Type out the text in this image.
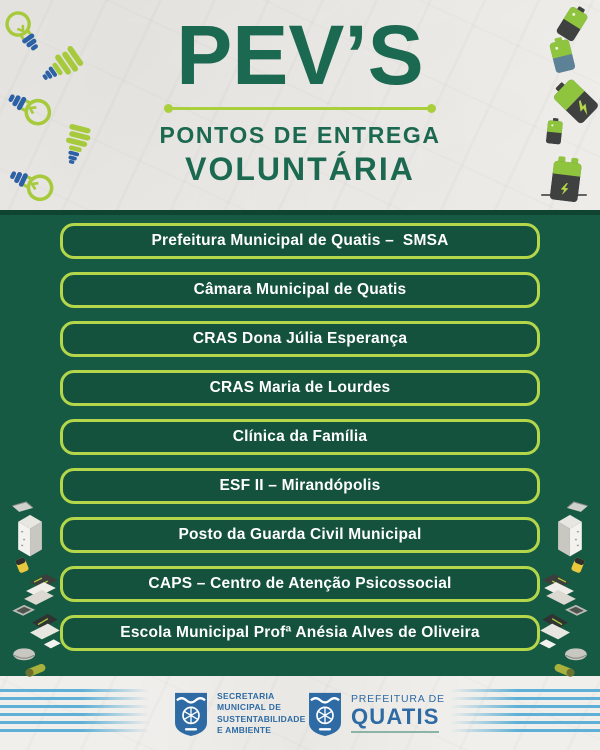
PEV’S
PONTOS DE ENTREGA
VOLUNTÁRIA
Prefeitura Municipal de Quatis –  SMSA
Câmara Municipal de Quatis
CRAS Dona Júlia Esperança
CRAS Maria de Lourdes
Clínica da Família
ESF II – Mirandópolis
Posto da Guarda Civil Municipal
CAPS – Centro de Atenção Psicossocial
Escola Municipal Profª Anésia Alves de Oliveira
SECRETARIA
MUNICIPAL DE
SUSTENTABILIDADE
E AMBIENTE
PREFEITURA DE
QUATIS
